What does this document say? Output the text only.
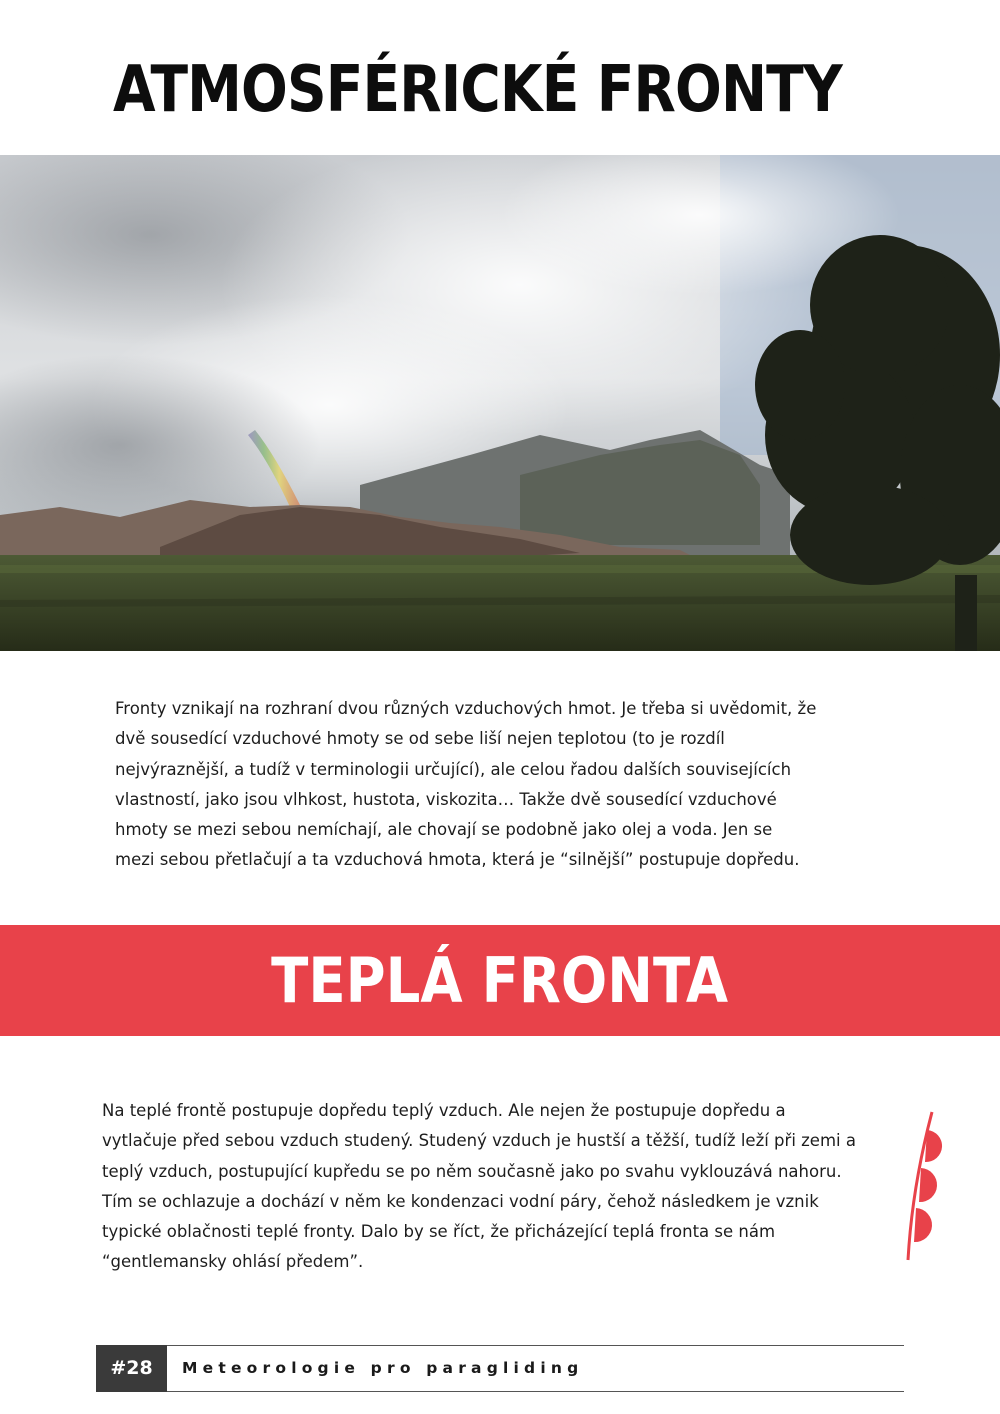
ATMOSFÉRICKÉ FRONTY

Fronty vznikají na rozhraní dvou různých vzduchových hmot. Je třeba si uvědomit, že
dvě sousedící vzduchové hmoty se od sebe liší nejen teplotou (to je rozdíl
nejvýraznější, a tudíž v terminologii určující), ale celou řadou dalších souvisejících
vlastností, jako jsou vlhkost, hustota, viskozita… Takže dvě sousedící vzduchové
hmoty se mezi sebou nemíchají, ale chovají se podobně jako olej a voda. Jen se
mezi sebou přetlačují a ta vzduchová hmota, která je “silnější” postupuje dopředu.

TEPLÁ FRONTA

Na teplé frontě postupuje dopředu teplý vzduch. Ale nejen že postupuje dopředu a
vytlačuje před sebou vzduch studený. Studený vzduch je hustší a těžší, tudíž leží při zemi a
teplý vzduch, postupující kupředu se po něm současně jako po svahu vyklouzává nahoru.
Tím se ochlazuje a dochází v něm ke kondenzaci vodní páry, čehož následkem je vznik
typické oblačnosti teplé fronty. Dalo by se říct, že přicházející teplá fronta se nám
“gentlemansky ohlásí předem”.

#28	Meteorologie pro paragliding
